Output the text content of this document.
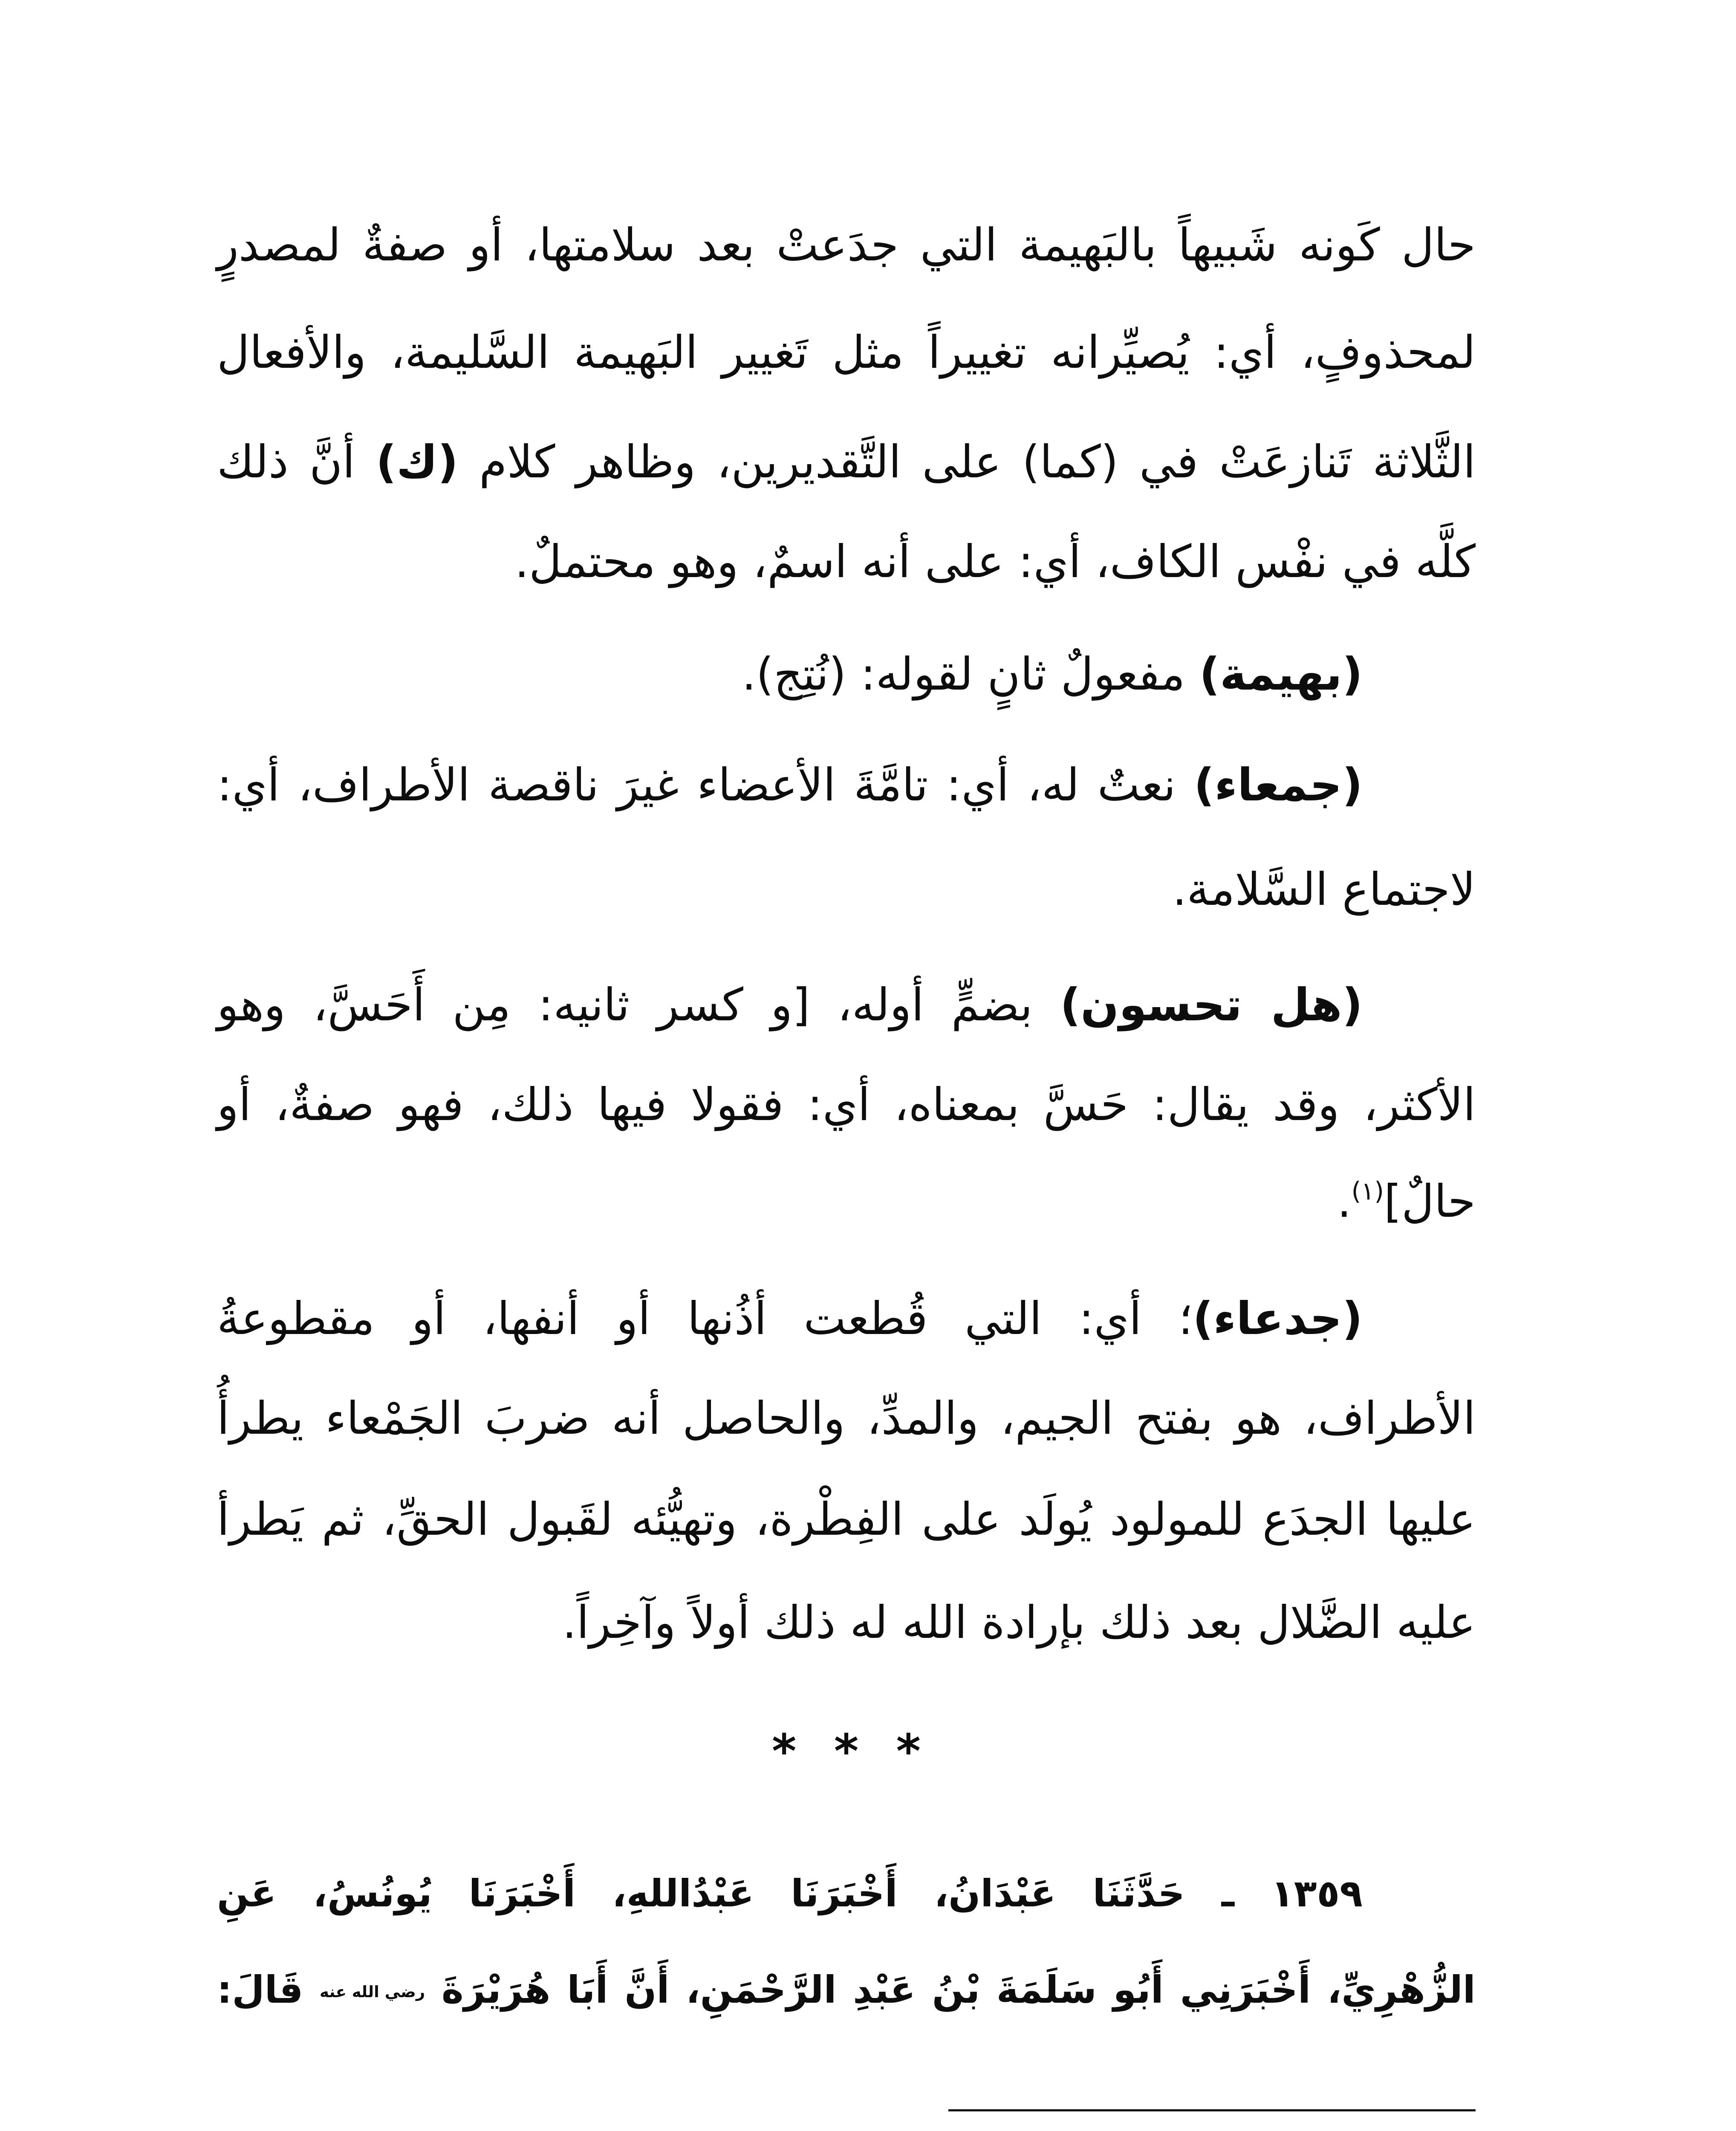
حال كَونه شَبيهاً بالبَهيمة التي جدَعتْ بعد سلامتها، أو صفةٌ لمصدرٍ
لمحذوفٍ، أي: يُصيِّرانه تغييراً مثل تَغيير البَهيمة السَّليمة، والأفعال
الثَّلاثة تَنازعَتْ في (كما) على التَّقديرين، وظاهر كلام (ك) أنَّ ذلك
كلَّه في نفْس الكاف، أي: على أنه اسمٌ، وهو محتملٌ.
(بهيمة) مفعولٌ ثانٍ لقوله: (نُتِج).
(جمعاء) نعتٌ له، أي: تامَّةَ الأعضاء غيرَ ناقصة الأطراف، أي:
لاجتماع السَّلامة.
(هل تحسون) بضمٍّ أوله، [و كسر ثانيه: مِن أَحَسَّ، وهو
الأكثر، وقد يقال: حَسَّ بمعناه، أي: فقولا فيها ذلك، فهو صفةٌ، أو
حالٌ]$^{(١)}$.
(جدعاء)؛ أي: التي قُطعت أذُنها أو أنفها، أو مقطوعةُ
الأطراف، هو بفتح الجيم، والمدِّ، والحاصل أنه ضربَ الجَمْعاء يطرأُ
عليها الجدَع للمولود يُولَد على الفِطْرة، وتهيُّئه لقَبول الحقِّ، ثم يَطرأ
عليه الضَّلال بعد ذلك بإرادة الله له ذلك أولاً وآخِراً.
* * *
١٣٥٩ ـ حَدَّثَنَا عَبْدَانُ، أَخْبَرَنَا عَبْدُاللهِ، أَخْبَرَنَا يُونُسُ، عَنِ
الزُّهْرِيِّ، أَخْبَرَنِي أَبُو سَلَمَةَ بْنُ عَبْدِ الرَّحْمَنِ، أَنَّ أَبَا هُرَيْرَةَ رضي الله عنه قَالَ:
